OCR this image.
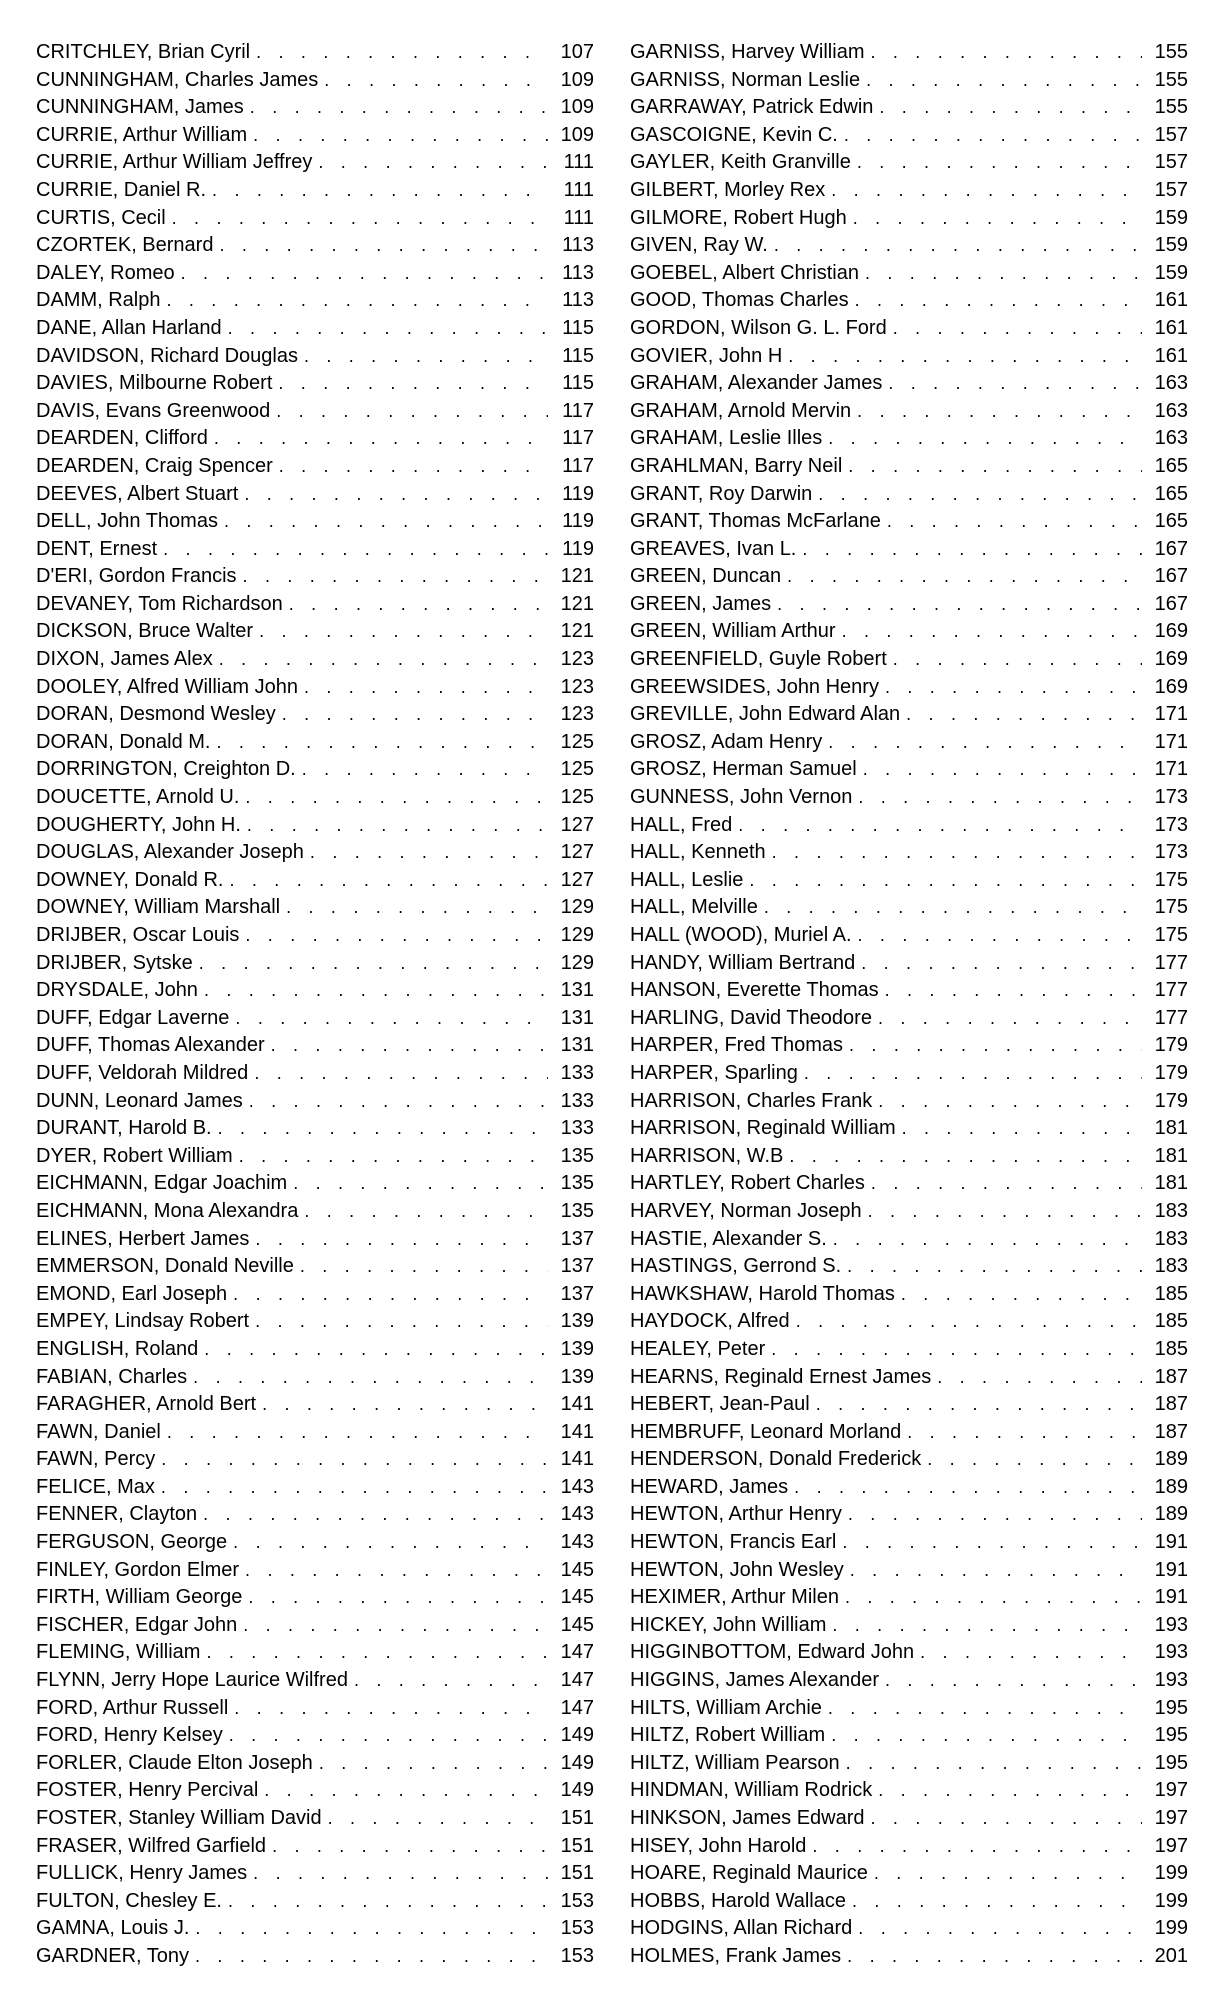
CRITCHLEY, Brian Cyril . . .	107
CUNNINGHAM, Charles James . . .	109
CUNNINGHAM, James . . .	109
CURRIE, Arthur William . . .	109
CURRIE, Arthur William Jeffrey . . .	111
CURRIE, Daniel R. . . .	111
CURTIS, Cecil . . .	111
CZORTEK, Bernard . . .	113
DALEY, Romeo . . .	113
DAMM, Ralph . . .	113
DANE, Allan Harland . . .	115
DAVIDSON, Richard Douglas . . .	115
DAVIES, Milbourne Robert . . .	115
DAVIS, Evans Greenwood . . .	117
DEARDEN, Clifford . . .	117
DEARDEN, Craig Spencer . . .	117
DEEVES, Albert Stuart . . .	119
DELL, John Thomas . . .	119
DENT, Ernest . . .	119
D'ERI, Gordon Francis . . .	121
DEVANEY, Tom Richardson . . .	121
DICKSON, Bruce Walter . . .	121
DIXON, James Alex . . .	123
DOOLEY, Alfred William John . . .	123
DORAN, Desmond Wesley . . .	123
DORAN, Donald M. . . .	125
DORRINGTON, Creighton D. . . .	125
DOUCETTE, Arnold U. . . .	125
DOUGHERTY, John H. . . .	127
DOUGLAS, Alexander Joseph . . .	127
DOWNEY, Donald R. . . .	127
DOWNEY, William Marshall . . .	129
DRIJBER, Oscar Louis . . .	129
DRIJBER, Sytske . . .	129
DRYSDALE, John . . .	131
DUFF, Edgar Laverne . . .	131
DUFF, Thomas Alexander . . .	131
DUFF, Veldorah Mildred . . .	133
DUNN, Leonard James . . .	133
DURANT, Harold B. . . .	133
DYER, Robert William . . .	135
EICHMANN, Edgar Joachim . . .	135
EICHMANN, Mona Alexandra . . .	135
ELINES, Herbert James . . .	137
EMMERSON, Donald Neville . . .	137
EMOND, Earl Joseph . . .	137
EMPEY, Lindsay Robert . . .	139
ENGLISH, Roland . . .	139
FABIAN, Charles . . .	139
FARAGHER, Arnold Bert . . .	141
FAWN, Daniel . . .	141
FAWN, Percy . . .	141
FELICE, Max . . .	143
FENNER, Clayton . . .	143
FERGUSON, George . . .	143
FINLEY, Gordon Elmer . . .	145
FIRTH, William George . . .	145
FISCHER, Edgar John . . .	145
FLEMING, William . . .	147
FLYNN, Jerry Hope Laurice Wilfred . . .	147
FORD, Arthur Russell . . .	147
FORD, Henry Kelsey . . .	149
FORLER, Claude Elton Joseph . . .	149
FOSTER, Henry Percival . . .	149
FOSTER, Stanley William David . . .	151
FRASER, Wilfred Garfield . . .	151
FULLICK, Henry James . . .	151
FULTON, Chesley E. . . .	153
GAMNA, Louis J. . . .	153
GARDNER, Tony . . .	153
GARNISS, Harvey William . . .	155
GARNISS, Norman Leslie . . .	155
GARRAWAY, Patrick Edwin . . .	155
GASCOIGNE, Kevin C. . . .	157
GAYLER, Keith Granville . . .	157
GILBERT, Morley Rex . . .	157
GILMORE, Robert Hugh . . .	159
GIVEN, Ray W. . . .	159
GOEBEL, Albert Christian . . .	159
GOOD, Thomas Charles . . .	161
GORDON, Wilson G. L. Ford . . .	161
GOVIER, John H . . .	161
GRAHAM, Alexander James . . .	163
GRAHAM, Arnold Mervin . . .	163
GRAHAM, Leslie Illes . . .	163
GRAHLMAN, Barry Neil . . .	165
GRANT, Roy Darwin . . .	165
GRANT, Thomas McFarlane . . .	165
GREAVES, Ivan L. . . .	167
GREEN, Duncan . . .	167
GREEN, James . . .	167
GREEN, William Arthur . . .	169
GREENFIELD, Guyle Robert . . .	169
GREEWSIDES, John Henry . . .	169
GREVILLE, John Edward Alan . . .	171
GROSZ, Adam Henry . . .	171
GROSZ, Herman Samuel . . .	171
GUNNESS, John Vernon . . .	173
HALL, Fred . . .	173
HALL, Kenneth . . .	173
HALL, Leslie . . .	175
HALL, Melville . . .	175
HALL (WOOD), Muriel A. . . .	175
HANDY, William Bertrand . . .	177
HANSON, Everette Thomas . . .	177
HARLING, David Theodore . . .	177
HARPER, Fred Thomas . . .	179
HARPER, Sparling . . .	179
HARRISON, Charles Frank . . .	179
HARRISON, Reginald William . . .	181
HARRISON, W.B . . .	181
HARTLEY, Robert Charles . . .	181
HARVEY, Norman Joseph . . .	183
HASTIE, Alexander S. . . .	183
HASTINGS, Gerrond S. . . .	183
HAWKSHAW, Harold Thomas . . .	185
HAYDOCK, Alfred . . .	185
HEALEY, Peter . . .	185
HEARNS, Reginald Ernest James . . .	187
HEBERT, Jean-Paul . . .	187
HEMBRUFF, Leonard Morland . . .	187
HENDERSON, Donald Frederick . . .	189
HEWARD, James . . .	189
HEWTON, Arthur Henry . . .	189
HEWTON, Francis Earl . . .	191
HEWTON, John Wesley . . .	191
HEXIMER, Arthur Milen . . .	191
HICKEY, John William . . .	193
HIGGINBOTTOM, Edward John . . .	193
HIGGINS, James Alexander . . .	193
HILTS, William Archie . . .	195
HILTZ, Robert William . . .	195
HILTZ, William Pearson . . .	195
HINDMAN, William Rodrick . . .	197
HINKSON, James Edward . . .	197
HISEY, John Harold . . .	197
HOARE, Reginald Maurice . . .	199
HOBBS, Harold Wallace . . .	199
HODGINS, Allan Richard . . .	199
HOLMES, Frank James . . .	201
